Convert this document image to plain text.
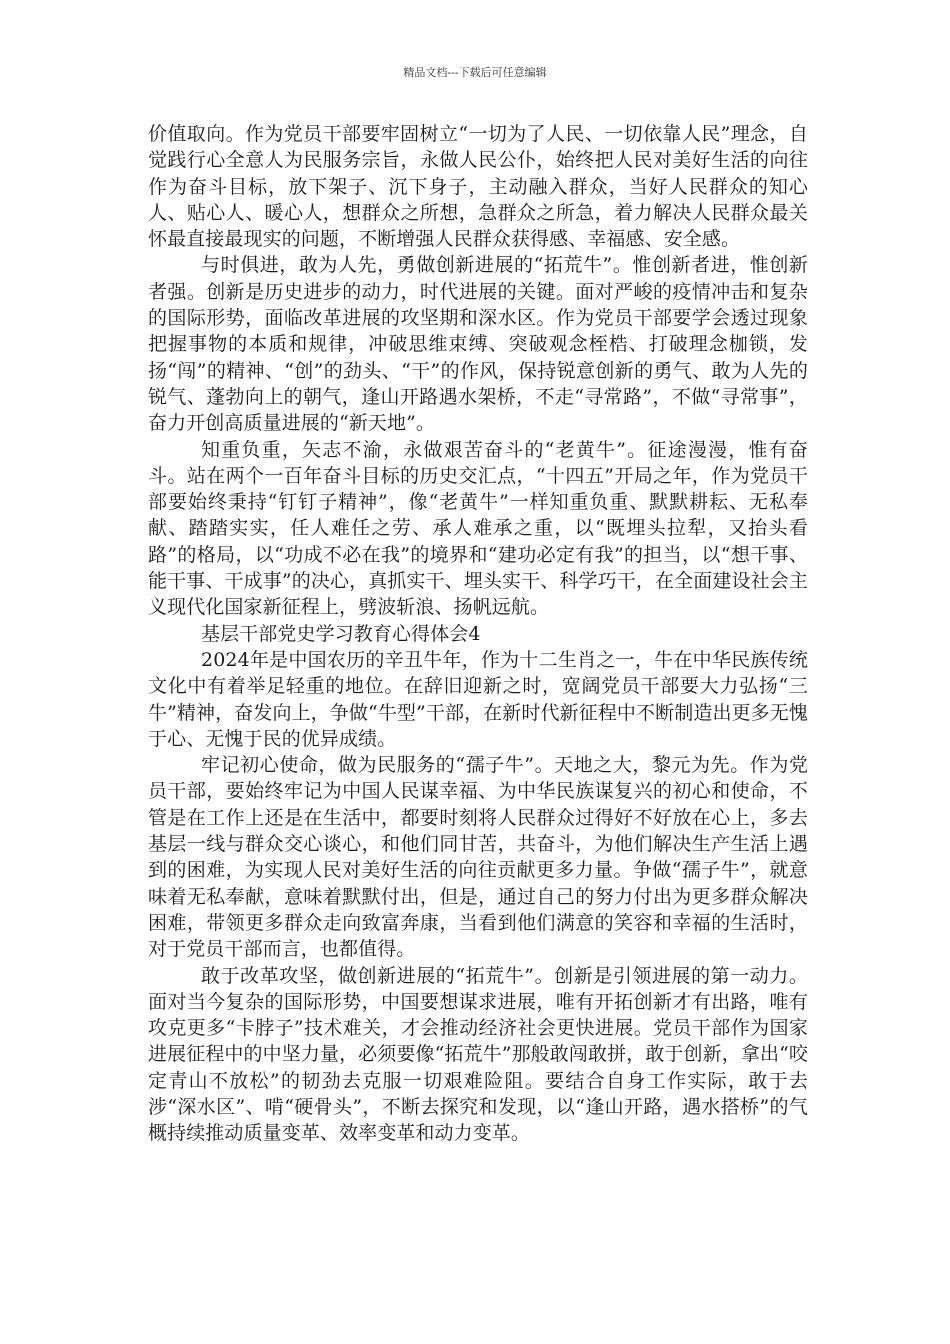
精品文档---下载后可任意编辑

价值取向。作为党员干部要牢固树立“一切为了人民、一切依靠人民”理念，自觉践行心全意人为民服务宗旨，永做人民公仆，始终把人民对美好生活的向往作为奋斗目标，放下架子、沉下身子，主动融入群众，当好人民群众的知心人、贴心人、暖心人，想群众之所想，急群众之所急，着力解决人民群众最关怀最直接最现实的问题，不断增强人民群众获得感、幸福感、安全感。

与时俱进，敢为人先，勇做创新进展的“拓荒牛”。惟创新者进，惟创新者强。创新是历史进步的动力，时代进展的关键。面对严峻的疫情冲击和复杂的国际形势，面临改革进展的攻坚期和深水区。作为党员干部要学会透过现象把握事物的本质和规律，冲破思维束缚、突破观念桎梏、打破理念枷锁，发扬“闯”的精神、“创”的劲头、“干”的作风，保持锐意创新的勇气、敢为人先的锐气、蓬勃向上的朝气，逢山开路遇水架桥，不走“寻常路”，不做“寻常事”，奋力开创高质量进展的“新天地”。

知重负重，矢志不渝，永做艰苦奋斗的“老黄牛”。征途漫漫，惟有奋斗。站在两个一百年奋斗目标的历史交汇点，“十四五”开局之年，作为党员干部要始终秉持“钉钉子精神”，像“老黄牛”一样知重负重、默默耕耘、无私奉献、踏踏实实，任人难任之劳、承人难承之重，以“既埋头拉犁，又抬头看路”的格局，以“功成不必在我”的境界和“建功必定有我”的担当，以“想干事、能干事、干成事”的决心，真抓实干、埋头实干、科学巧干，在全面建设社会主义现代化国家新征程上，劈波斩浪、扬帆远航。

基层干部党史学习教育心得体会4

2024年是中国农历的辛丑牛年，作为十二生肖之一，牛在中华民族传统文化中有着举足轻重的地位。在辞旧迎新之时，宽阔党员干部要大力弘扬“三牛”精神，奋发向上，争做“牛型”干部，在新时代新征程中不断制造出更多无愧于心、无愧于民的优异成绩。

牢记初心使命，做为民服务的“孺子牛”。天地之大，黎元为先。作为党员干部，要始终牢记为中国人民谋幸福、为中华民族谋复兴的初心和使命，不管是在工作上还是在生活中，都要时刻将人民群众过得好不好放在心上，多去基层一线与群众交心谈心，和他们同甘苦，共奋斗，为他们解决生产生活上遇到的困难，为实现人民对美好生活的向往贡献更多力量。争做“孺子牛”，就意味着无私奉献，意味着默默付出，但是，通过自己的努力付出为更多群众解决困难，带领更多群众走向致富奔康，当看到他们满意的笑容和幸福的生活时，对于党员干部而言，也都值得。

敢于改革攻坚，做创新进展的“拓荒牛”。创新是引领进展的第一动力。面对当今复杂的国际形势，中国要想谋求进展，唯有开拓创新才有出路，唯有攻克更多“卡脖子”技术难关，才会推动经济社会更快进展。党员干部作为国家进展征程中的中坚力量，必须要像“拓荒牛”那般敢闯敢拼，敢于创新，拿出“咬定青山不放松”的韧劲去克服一切艰难险阻。要结合自身工作实际，敢于去涉“深水区”、啃“硬骨头”，不断去探究和发现，以“逢山开路，遇水搭桥”的气概持续推动质量变革、效率变革和动力变革。
